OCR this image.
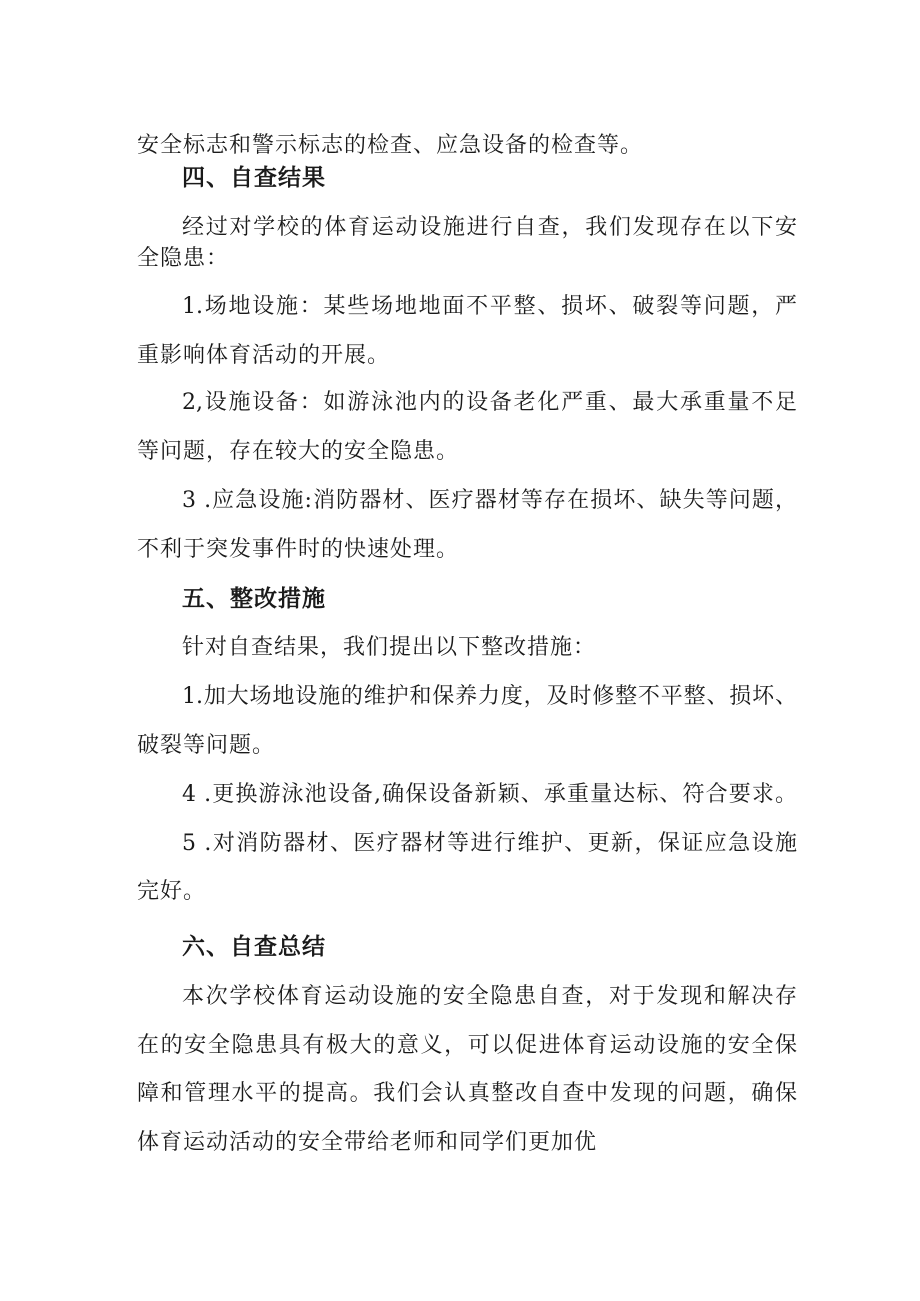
安全标志和警示标志的检查、应急设备的检查等。
四、自查结果
经过对学校的体育运动设施进行自查，我们发现存在以下安
全隐患：
1.场地设施：某些场地地面不平整、损坏、破裂等问题，严
重影响体育活动的开展。
2,设施设备：如游泳池内的设备老化严重、最大承重量不足
等问题，存在较大的安全隐患。
3 .应急设施:消防器材、医疗器材等存在损坏、缺失等问题，
不利于突发事件时的快速处理。
五、整改措施
针对自查结果，我们提出以下整改措施：
1.加大场地设施的维护和保养力度，及时修整不平整、损坏、
破裂等问题。
4 .更换游泳池设备,确保设备新颖、承重量达标、符合要求。
5 .对消防器材、医疗器材等进行维护、更新，保证应急设施
完好。
六、自查总结
本次学校体育运动设施的安全隐患自查，对于发现和解决存
在的安全隐患具有极大的意义，可以促进体育运动设施的安全保
障和管理水平的提高。我们会认真整改自查中发现的问题，确保
体育运动活动的安全带给老师和同学们更加优
